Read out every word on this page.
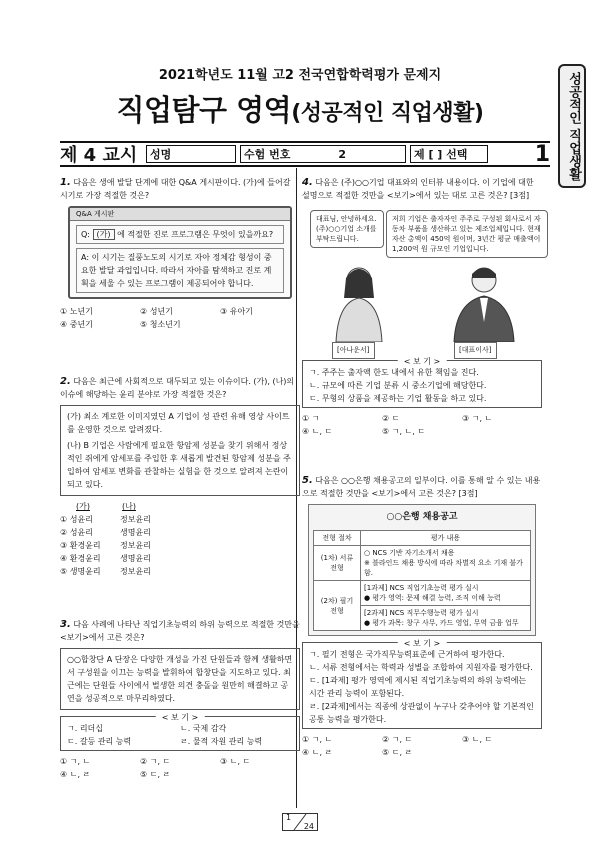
2021학년도 11월 고2 전국연합학력평가 문제지
직업탐구 영역(성공적인 직업생활)	성공적인 직업생활
제 4 교시	성명	수험 번호	2	제 [ ] 선택	1
1. 다음은 생애 발달 단계에 대한 Q&A 게시판이다. (가)에 들어갈 시기로 가장 적절한 것은?
Q&A 게시판
Q: (가) 에 적절한 진로 프로그램은 무엇이 있을까요?
A: 이 시기는 질풍노도의 시기로 자아 정체감 형성이 중요한 발달 과업입니다. 따라서 자아를 탐색하고 진로 계획을 세울 수 있는 프로그램이 제공되어야 합니다.
① 노년기	② 성년기	③ 유아기
④ 중년기	⑤ 청소년기
2. 다음은 최근에 사회적으로 대두되고 있는 이슈이다. (가), (나)의 이슈에 해당하는 윤리 분야로 가장 적절한 것은?
(가) 최소 계로한 이미지였던 A 기업이 성 관련 유해 영상 사이트를 운영한 것으로 알려졌다.
(나) B 기업은 사람에게 필요한 항암제 성분을 찾기 위해서 정상적인 쥐에게 암세포를 주입한 후 새롭게 발견된 항암제 성분을 주입하여 암세포 변화를 관찰하는 실험을 한 것으로 알려져 논란이 되고 있다.
(가)	(나)
① 성윤리	정보윤리
② 성윤리	생명윤리
③ 환경윤리	정보윤리
④ 환경윤리	생명윤리
⑤ 생명윤리	정보윤리
3. 다음 사례에 나타난 직업기초능력의 하위 능력으로 적절한 것만을 <보기>에서 고른 것은?
○○합창단 A 단장은 다양한 개성을 가진 단원들과 함께 생활하면서 구성원을 이끄는 능력을 발휘하여 합창단을 지도하고 있다. 최근에는 단원들 사이에서 벌생한 의견 충돌을 원만히 해결하고 공연을 성공적으로 마무리하였다.
< 보 기 >
ㄱ. 리더십	ㄴ. 국제 감각
ㄷ. 갈등 관리 능력	ㄹ. 물적 자원 관리 능력
① ㄱ, ㄴ	② ㄱ, ㄷ	③ ㄴ, ㄷ
④ ㄴ, ㄹ	⑤ ㄷ, ㄹ
4. 다음은 (주)○○기업 대표와의 인터뷰 내용이다. 이 기업에 대한 설명으로 적절한 것만을 <보기>에서 있는 대로 고른 것은? [3점]
대표님, 안녕하세요. (주)○○기업 소개를 부탁드립니다.
저희 기업은 출자자인 주주로 구성된 회사로서 자동차 부품을 생산하고 있는 제조업체입니다. 현재 자산 총액이 450억 원이며, 3년간 평균 매출액이 1,200억 원 규모인 기업입니다.
[아나운서]	[대표이사]
< 보 기 >
ㄱ. 주주는 출자액 한도 내에서 유한 책임을 진다.
ㄴ. 규모에 따른 기업 분류 시 중소기업에 해당한다.
ㄷ. 무형의 상품을 제공하는 기업 활동을 하고 있다.
① ㄱ	② ㄷ	③ ㄱ, ㄴ
④ ㄴ, ㄷ	⑤ ㄱ, ㄴ, ㄷ
5. 다음은 ○○은행 채용공고의 일부이다. 이를 통해 알 수 있는 내용으로 적절한 것만을 <보기>에서 고른 것은? [3점]
○○은행 채용공고
전형 절차	평가 내용
(1차) 서류 전형	○ NCS 기반 자기소개서 채용
※ 블라인드 채용 방식에 따라 차별적 요소 기재 불가함.
(2차) 필기 전형	[1과제] NCS 직업기초능력 평가 실시
● 평가 영역: 문제 해결 능력, 조직 이해 능력
	[2과제] NCS 직무수행능력 평가 실시
● 평가 과목: 창구 사무, 카드 영업, 무역 금융 업무
< 보 기 >
ㄱ. 필기 전형은 국가직무능력표준에 근거하여 평가한다.
ㄴ. 서류 전형에서는 학력과 성별을 조합하여 지원자를 평가한다.
ㄷ. [1과제] 평가 영역에 제시된 직업기초능력의 하위 능력에는 시간 관리 능력이 포함된다.
ㄹ. [2과제]에서는 직종에 상관없이 누구나 갖추어야 할 기본적인 공통 능력을 평가한다.
① ㄱ, ㄴ	② ㄱ, ㄷ	③ ㄴ, ㄷ
④ ㄴ, ㄹ	⑤ ㄷ, ㄹ
1
24
